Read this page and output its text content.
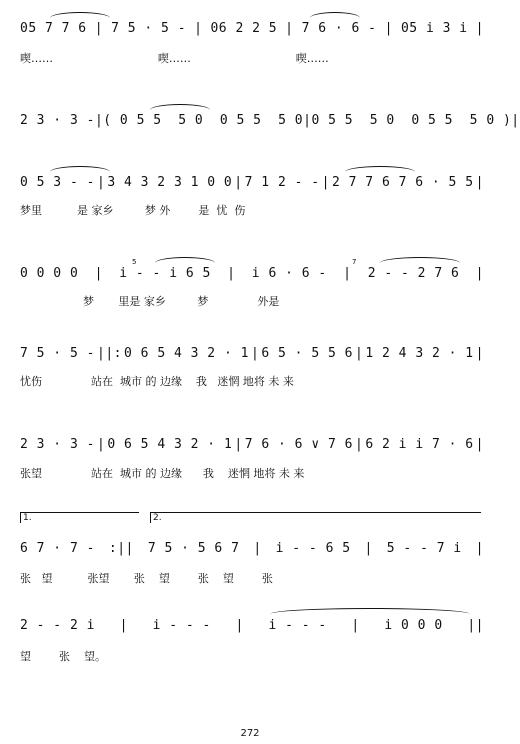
05 7 7 6 | 7 5 · 5 - | 06 2 2 5 | 7 6 · 6 - | 05 i 3 i |
喫……                              喫……                              喫……
2 3 · 3 - | ( 0 5 5  5 0  0 5 5  5 0 | 0 5 5  5 0  0 5 5  5 0 ) |
0 5 3 - - | 3 4 3 2 3 1 0 0 | 7 1 2 - - | 2 7 7 6 7 6 · 5 5 |
梦里          是 家乡         梦 外        是  忧  伤
0 0 0 0 | i - - i 6 5 | i 6 · 6 - | 2 - - 2 7 6 |
梦       里是 家乡         梦              外是
5	7
7 5 · 5 - ||: 0 6 5 4 3 2 · 1 | 6 5 · 5 5 6 | 1 2 4 3 2 · 1 |
忧伤              站在  城市 的 边缘    我   迷惘 地将 未 来
2 3 · 3 - | 0 6 5 4 3 2 · 1 | 7 6 · 6 ∨ 7 6 | 6 2 i i 7 · 6 |
张望              站在  城市 的 边缘      我    迷惘 地将 未 来
1.	2.
6 7 · 7 - :|| 7 5 · 5 6 7 | i - - 6 5 | 5 - - 7 i |
张   望          张望       张    望        张    望        张
2 - - 2 i | i - - - | i - - - | i 0 0 0 ||
望        张    望。
272
